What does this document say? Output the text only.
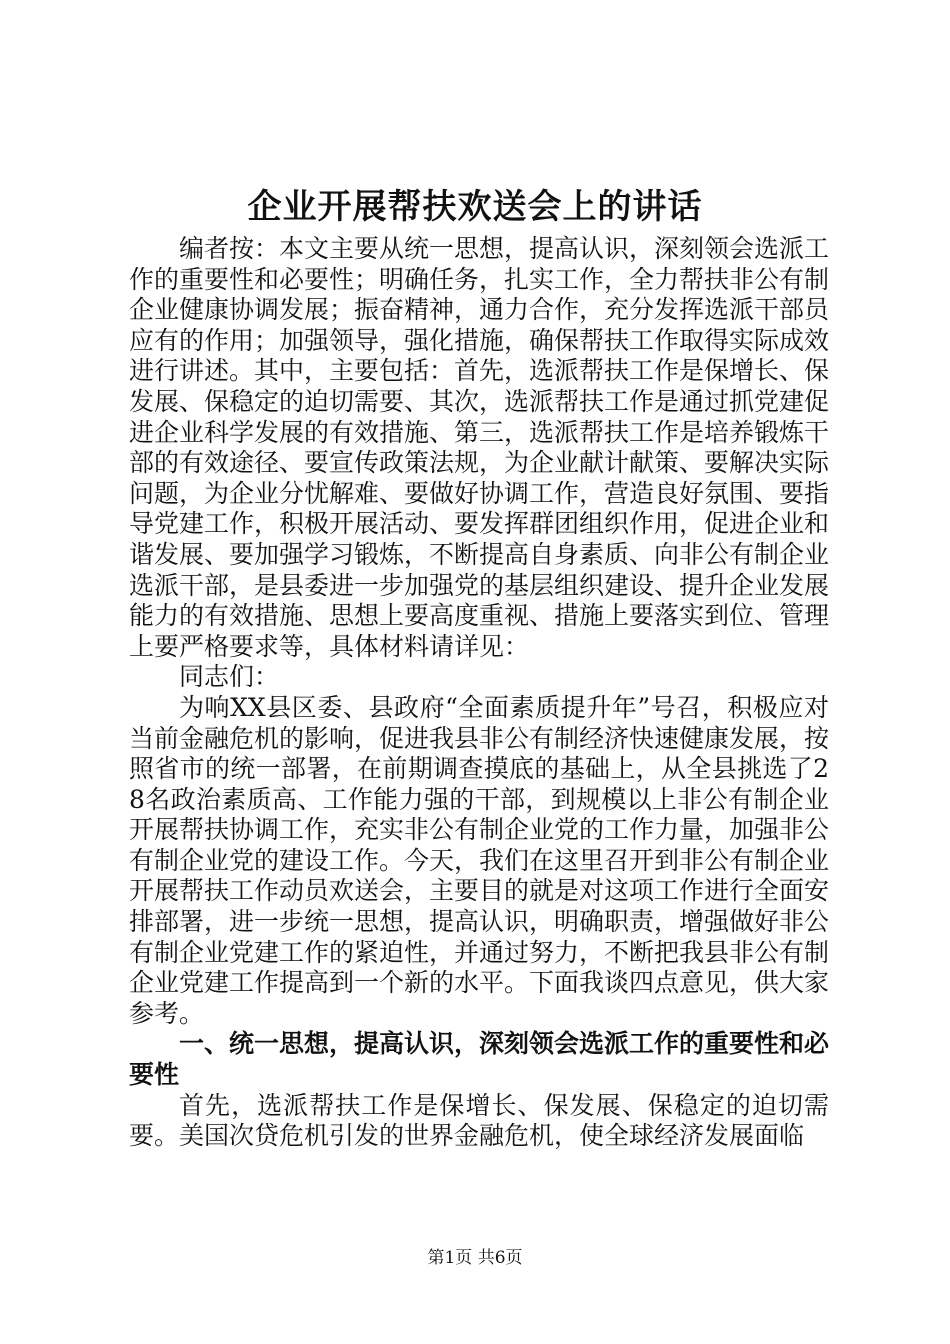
企业开展帮扶欢送会上的讲话

编者按：本文主要从统一思想，提高认识，深刻领会选派工作的重要性和必要性；明确任务，扎实工作，全力帮扶非公有制企业健康协调发展；振奋精神，通力合作，充分发挥选派干部员应有的作用；加强领导，强化措施，确保帮扶工作取得实际成效进行讲述。其中，主要包括：首先，选派帮扶工作是保增长、保发展、保稳定的迫切需要、其次，选派帮扶工作是通过抓党建促进企业科学发展的有效措施、第三，选派帮扶工作是培养锻炼干部的有效途径、要宣传政策法规，为企业献计献策、要解决实际问题，为企业分忧解难、要做好协调工作，营造良好氛围、要指导党建工作，积极开展活动、要发挥群团组织作用，促进企业和谐发展、要加强学习锻炼，不断提高自身素质、向非公有制企业选派干部，是县委进一步加强党的基层组织建设、提升企业发展能力的有效措施、思想上要高度重视、措施上要落实到位、管理上要严格要求等，具体材料请详见：

同志们：

为响XX县区委、县政府“全面素质提升年”号召，积极应对当前金融危机的影响，促进我县非公有制经济快速健康发展，按照省市的统一部署，在前期调查摸底的基础上，从全县挑选了28名政治素质高、工作能力强的干部，到规模以上非公有制企业开展帮扶协调工作，充实非公有制企业党的工作力量，加强非公有制企业党的建设工作。今天，我们在这里召开到非公有制企业开展帮扶工作动员欢送会，主要目的就是对这项工作进行全面安排部署，进一步统一思想，提高认识，明确职责，增强做好非公有制企业党建工作的紧迫性，并通过努力，不断把我县非公有制企业党建工作提高到一个新的水平。下面我谈四点意见，供大家参考。

一、统一思想，提高认识，深刻领会选派工作的重要性和必要性

首先，选派帮扶工作是保增长、保发展、保稳定的迫切需要。美国次贷危机引发的世界金融危机，使全球经济发展面临

第1页 共6页
